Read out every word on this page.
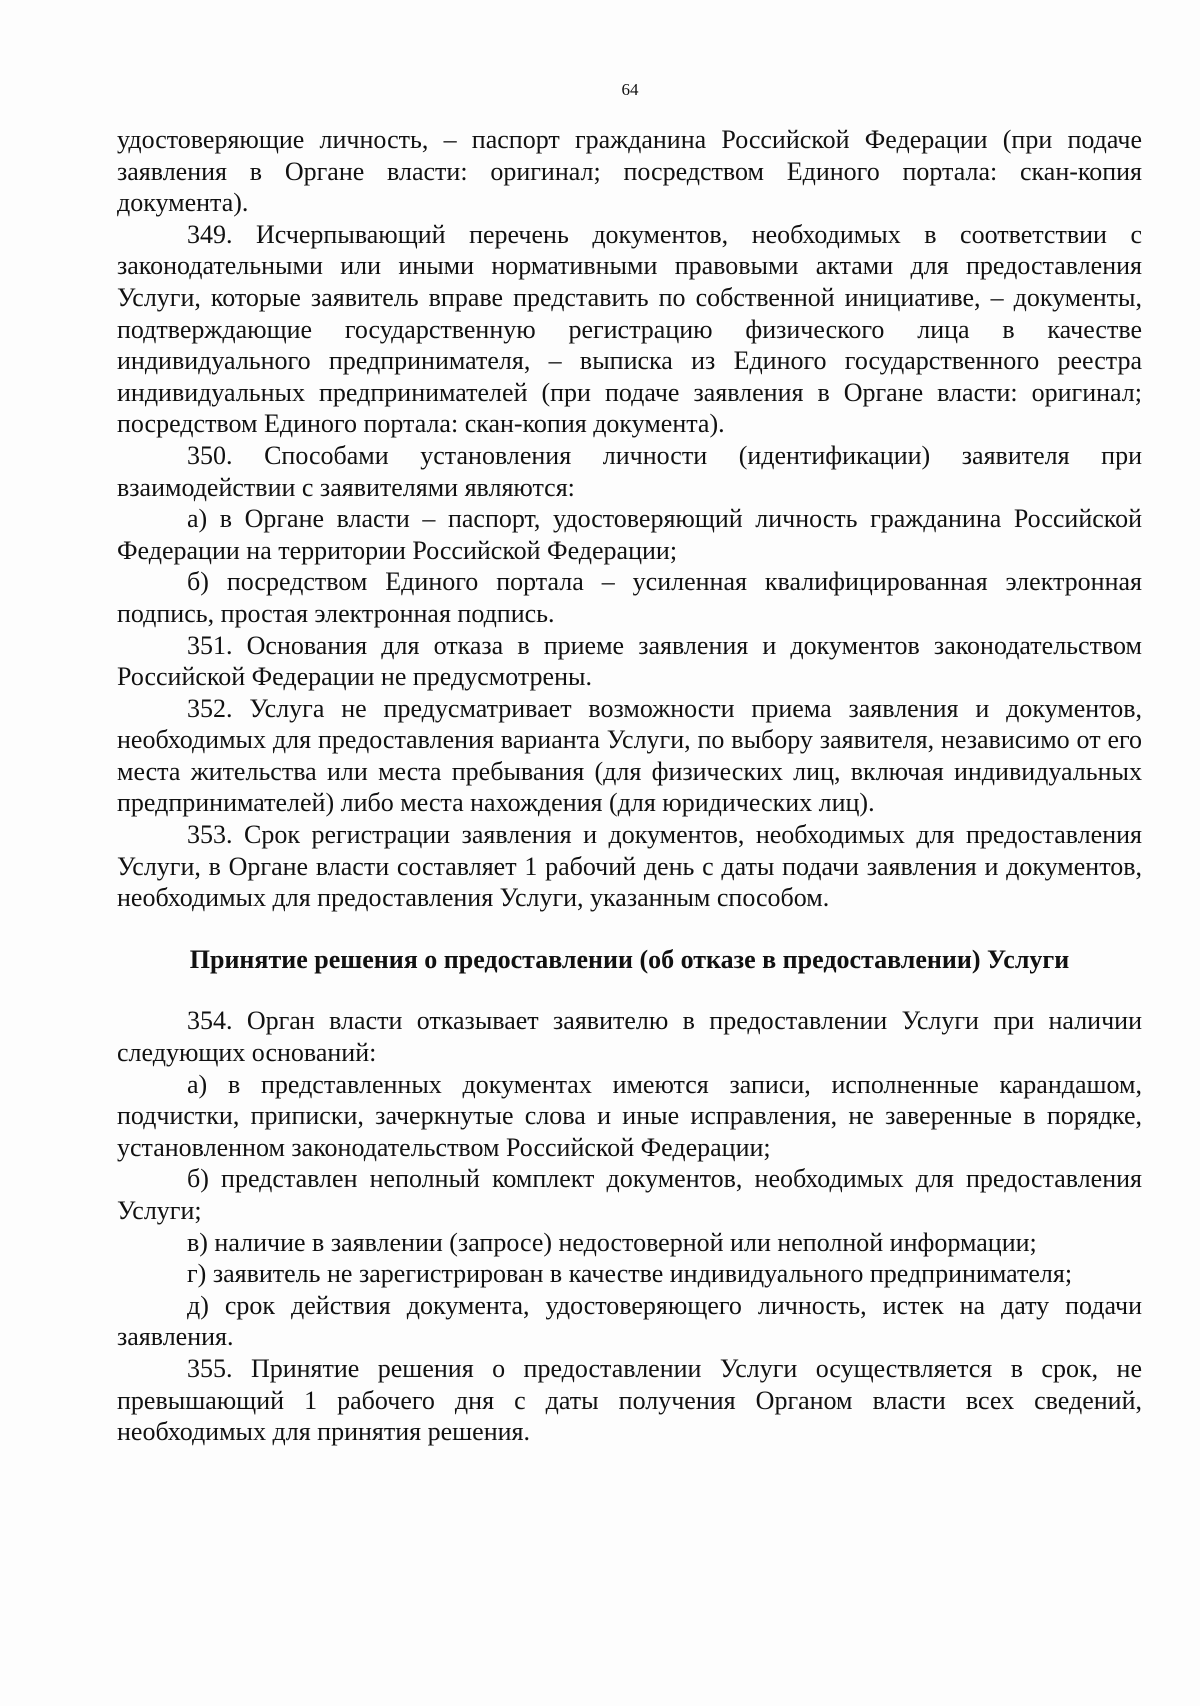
64

удостоверяющие личность, – паспорт гражданина Российской Федерации (при подаче заявления в Органе власти: оригинал; посредством Единого портала: скан-копия документа).

349. Исчерпывающий перечень документов, необходимых в соответствии с законодательными или иными нормативными правовыми актами для предоставления Услуги, которые заявитель вправе представить по собственной инициативе, – документы, подтверждающие государственную регистрацию физического лица в качестве индивидуального предпринимателя, – выписка из Единого государственного реестра индивидуальных предпринимателей (при подаче заявления в Органе власти: оригинал; посредством Единого портала: скан-копия документа).

350. Способами установления личности (идентификации) заявителя при взаимодействии с заявителями являются:

а) в Органе власти – паспорт, удостоверяющий личность гражданина Российской Федерации на территории Российской Федерации;

б) посредством Единого портала – усиленная квалифицированная электронная подпись, простая электронная подпись.

351. Основания для отказа в приеме заявления и документов законодательством Российской Федерации не предусмотрены.

352. Услуга не предусматривает возможности приема заявления и документов, необходимых для предоставления варианта Услуги, по выбору заявителя, независимо от его места жительства или места пребывания (для физических лиц, включая индивидуальных предпринимателей) либо места нахождения (для юридических лиц).

353. Срок регистрации заявления и документов, необходимых для предоставления Услуги, в Органе власти составляет 1 рабочий день с даты подачи заявления и документов, необходимых для предоставления Услуги, указанным способом.

Принятие решения о предоставлении (об отказе в предоставлении) Услуги

354. Орган власти отказывает заявителю в предоставлении Услуги при наличии следующих оснований:

а) в представленных документах имеются записи, исполненные карандашом, подчистки, приписки, зачеркнутые слова и иные исправления, не заверенные в порядке, установленном законодательством Российской Федерации;

б) представлен неполный комплект документов, необходимых для предоставления Услуги;

в) наличие в заявлении (запросе) недостоверной или неполной информации;

г) заявитель не зарегистрирован в качестве индивидуального предпринимателя;

д) срок действия документа, удостоверяющего личность, истек на дату подачи заявления.

355. Принятие решения о предоставлении Услуги осуществляется в срок, не превышающий 1 рабочего дня с даты получения Органом власти всех сведений, необходимых для принятия решения.
